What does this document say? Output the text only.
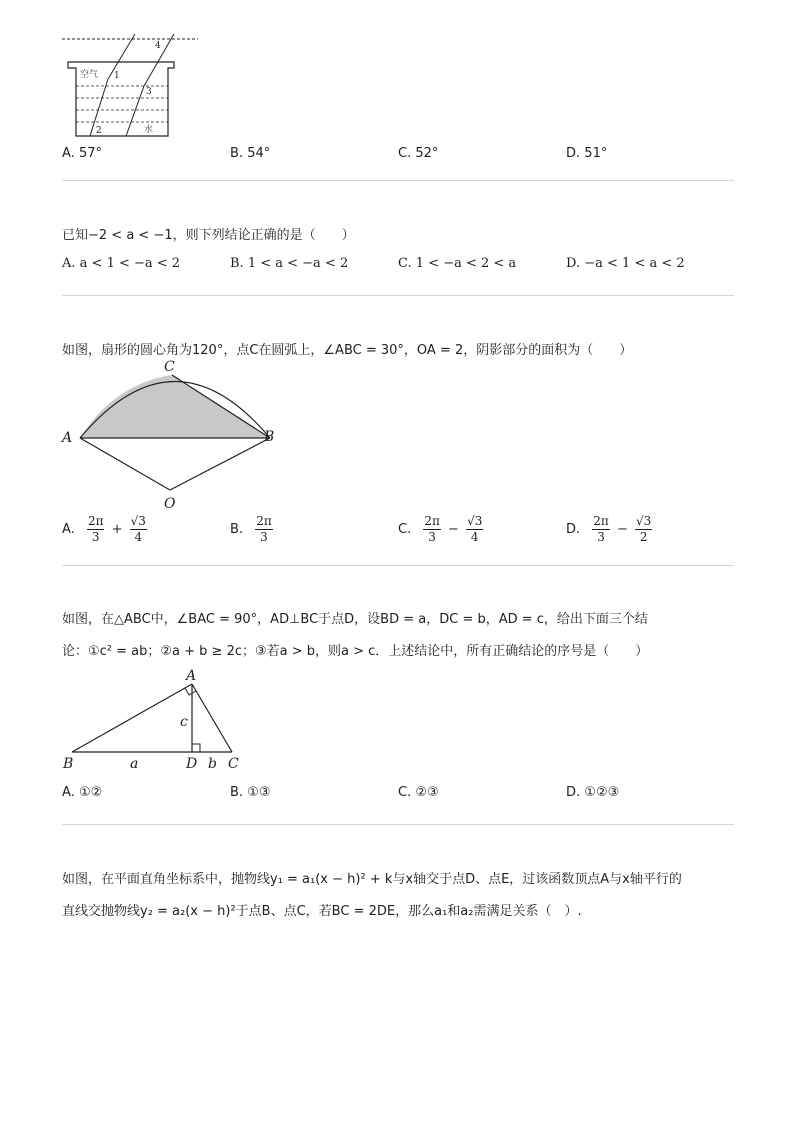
空气 1
2
3
4
水
A. 57°	B. 54°	C. 52°	D. 51°
已知−2 < a < −1，则下列结论正确的是（　　）
A. a < 1 < −a < 2	B. 1 < a < −a < 2	C. 1 < −a < 2 < a	D. −a < 1 < a < 2
如图，扇形的圆心角为120°，点C在圆弧上，∠ABC = 30°，OA = 2，阴影部分的面积为（　　）
C
A	B
O
A. $\frac{2\pi}{3} + \frac{√3}{4}$	B. $\frac{2\pi}{3}$	C. $\frac{2\pi}{3} - \frac{√3}{4}$	D. $\frac{2\pi}{3} - \frac{√3}{2}$
如图，在△ABC中，∠BAC = 90°，AD⊥BC于点D，设BD = a，DC = b，AD = c，给出下面三个结
论：①c² = ab；②a + b ≥ 2c；③若a > b，则a > c．上述结论中，所有正确结论的序号是（　　）
A
B	D b C
a
c
A. ①②	B. ①③	C. ②③	D. ①②③
如图，在平面直角坐标系中，抛物线y₁ = a₁(x − h)² + k与x轴交于点D、点E，过该函数顶点A与x轴平行的
直线交抛物线y₂ = a₂(x − h)²于点B、点C，若BC = 2DE，那么a₁和a₂需满足关系（　）.
